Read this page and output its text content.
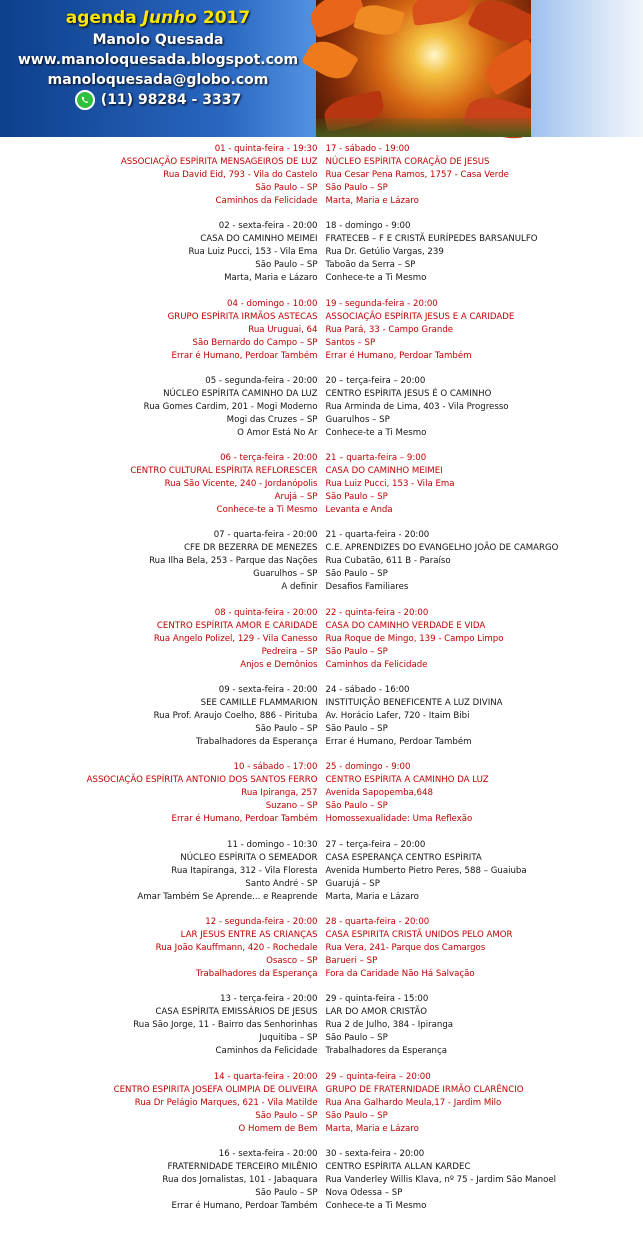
agenda Junho 2017
Manolo Quesada
www.manoloquesada.blogspot.com
manoloquesada@globo.com
(11) 98284 - 3337
01 - quinta-feira - 19:30
ASSOCIAÇÃO ESPÍRITA MENSAGEIROS DE LUZ
Rua David Eid, 793 - Vila do Castelo
São Paulo – SP
Caminhos da Felicidade
17 - sábado - 19:00
NÚCLEO ESPÍRITA CORAÇÃO DE JESUS
Rua Cesar Pena Ramos, 1757 - Casa Verde
São Paulo – SP
Marta, Maria e Lázaro
02 - sexta-feira - 20:00
CASA DO CAMINHO MEIMEI
Rua Luiz Pucci, 153 - Vila Ema
São Paulo – SP
Marta, Maria e Lázaro
18 - domingo - 9:00
FRATECEB – F E CRISTÃ EURÍPEDES BARSANULFO
Rua Dr. Getúlio Vargas, 239
Taboão da Serra – SP
Conhece-te a Ti Mesmo
04 - domingo - 10:00
GRUPO ESPÍRITA IRMÃOS ASTECAS
Rua Uruguai, 64
São Bernardo do Campo – SP
Errar é Humano, Perdoar Também
19 - segunda-feira - 20:00
ASSOCIAÇÃO ESPÍRITA JESUS E A CARIDADE
Rua Pará, 33 - Campo Grande
Santos – SP
Errar é Humano, Perdoar Também
05 - segunda-feira - 20:00
NÚCLEO ESPÍRITA CAMINHO DA LUZ
Rua Gomes Cardim, 201 - Mogi Moderno
Mogi das Cruzes – SP
O Amor Está No Ar
20 – terça-feira – 20:00
CENTRO ESPÍRITA JESUS É O CAMINHO
Rua Arminda de Lima, 403 - Vila Progresso
Guarulhos – SP
Conhece-te a Ti Mesmo
06 - terça-feira - 20:00
CENTRO CULTURAL ESPÍRITA REFLORESCER
Rua São Vicente, 240 - Jordanópolis
Arujá – SP
Conhece-te a Ti Mesmo
21 – quarta-feira – 9:00
CASA DO CAMINHO MEIMEI
Rua Luiz Pucci, 153 - Vila Ema
São Paulo – SP
Levanta e Anda
07 - quarta-feira - 20:00
CFE DR BEZERRA DE MENEZES
Rua Ilha Bela, 253 - Parque das Nações
Guarulhos – SP
A definir
21 - quarta-feira - 20:00
C.E. APRENDIZES DO EVANGELHO JOÃO DE CAMARGO
Rua Cubatão, 611 B - Paraíso
São Paulo – SP
Desafios Familiares
08 - quinta-feira - 20:00
CENTRO ESPÍRITA AMOR E CARIDADE
Rua Angelo Polizel, 129 - Vila Canesso
Pedreira – SP
Anjos e Demônios
22 - quinta-feira - 20:00
CASA DO CAMINHO VERDADE E VIDA
Rua Roque de Mingo, 139 - Campo Limpo
São Paulo – SP
Caminhos da Felicidade
09 - sexta-feira - 20:00
SEE CAMILLE FLAMMARION
Rua Prof. Araujo Coelho, 886 - Pirituba
São Paulo – SP
Trabalhadores da Esperança
24 - sábado - 16:00
INSTITUIÇÃO BENEFICENTE A LUZ DIVINA
Av. Horácio Lafer, 720 - Itaim Bibi
São Paulo – SP
Errar é Humano, Perdoar Também
10 - sábado - 17:00
ASSOCIAÇÃO ESPÍRITA ANTONIO DOS SANTOS FERRO
Rua Ipiranga, 257
Suzano – SP
Errar é Humano, Perdoar Também
25 - domingo - 9:00
CENTRO ESPÍRITA A CAMINHO DA LUZ
Avenida Sapopemba,648
São Paulo – SP
Homossexualidade: Uma Reflexão
11 - domingo - 10:30
NÚCLEO ESPÍRITA O SEMEADOR
Rua Itapiranga, 312 - Vila Floresta
Santo André - SP
Amar Também Se Aprende... e Reaprende
27 – terça-feira – 20:00
CASA ESPERANÇA CENTRO ESPÍRITA
Avenida Humberto Pietro Peres, 588 – Guaiuba
Guarujá – SP
Marta, Maria e Lázaro
12 - segunda-feira - 20:00
LAR JESUS ENTRE AS CRIANÇAS
Rua João Kauffmann, 420 - Rochedale
Osasco – SP
Trabalhadores da Esperança
28 - quarta-feira - 20:00
CASA ESPIRITA CRISTÃ UNIDOS PELO AMOR
Rua Vera, 241- Parque dos Camargos
Barueri – SP
Fora da Caridade Não Há Salvação
13 - terça-feira - 20:00
CASA ESPÍRITA EMISSÁRIOS DE JESUS
Rua São Jorge, 11 - Bairro das Senhorinhas
Juquitiba – SP
Caminhos da Felicidade
29 - quinta-feira - 15:00
LAR DO AMOR CRISTÃO
Rua 2 de Julho, 384 - Ipiranga
São Paulo – SP
Trabalhadores da Esperança
14 - quarta-feira - 20:00
CENTRO ESPIRITA JOSEFA OLIMPIA DE OLIVEIRA
Rua Dr Pelágio Marques, 621 - Vila Matilde
São Paulo – SP
O Homem de Bem
29 – quinta-feira – 20:00
GRUPO DE FRATERNIDADE IRMÃO CLARÊNCIO
Rua Ana Galhardo Meula,17 - Jardim Milo
São Paulo – SP
Marta, Maria e Lázaro
16 - sexta-feira - 20:00
FRATERNIDADE TERCEIRO MILÊNIO
Rua dos Jornalistas, 101 - Jabaquara
São Paulo – SP
Errar é Humano, Perdoar Também
30 - sexta-feira - 20:00
CENTRO ESPÍRITA ALLAN KARDEC
Rua Vanderley Willis Klava, nº 75 - Jardim São Manoel
Nova Odessa – SP
Conhece-te a Ti Mesmo
